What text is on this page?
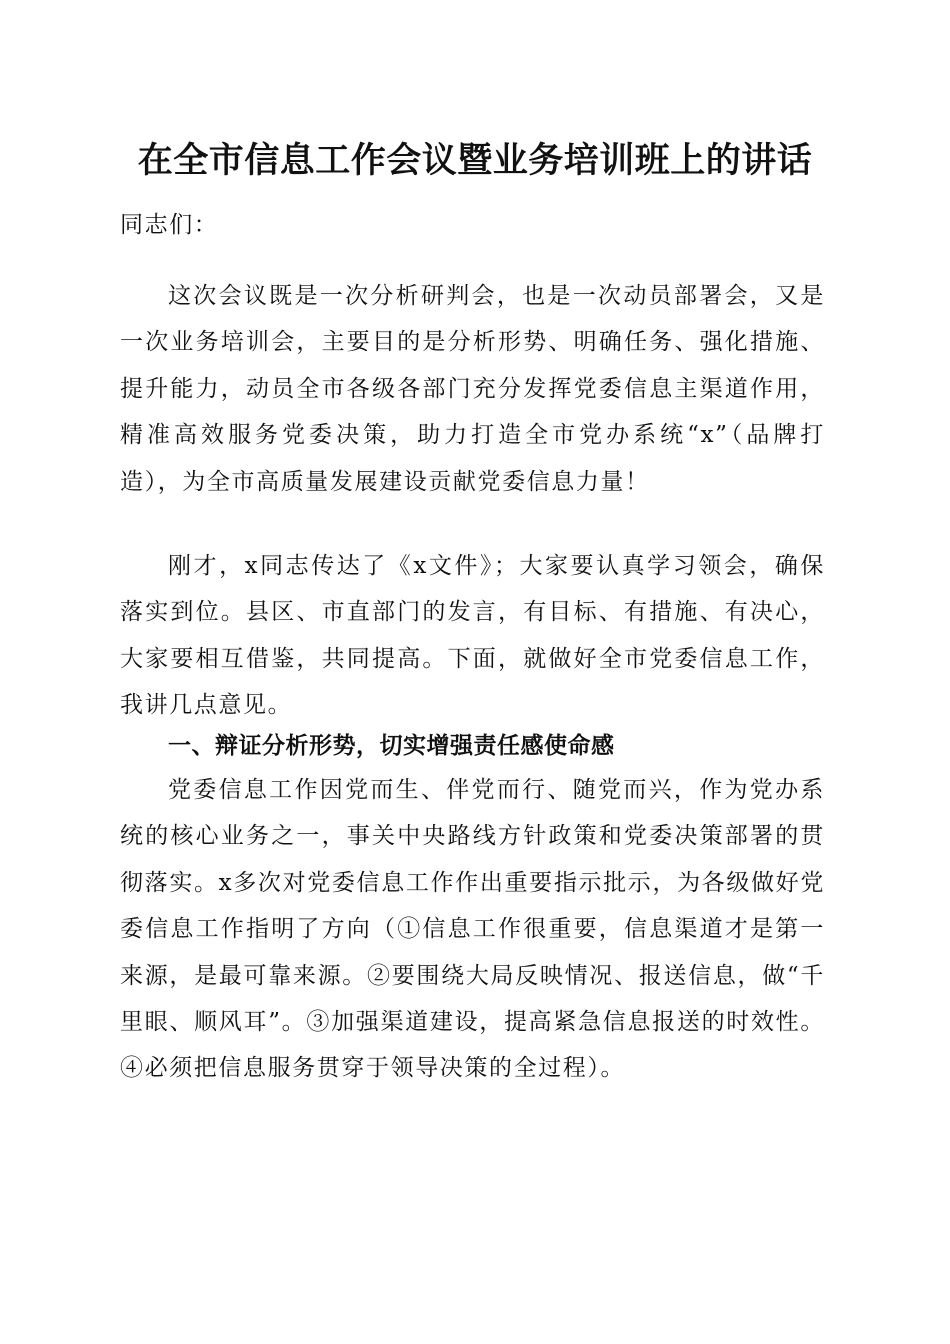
在全市信息工作会议暨业务培训班上的讲话

同志们：

这次会议既是一次分析研判会，也是一次动员部署会，又是一次业务培训会，主要目的是分析形势、明确任务、强化措施、提升能力，动员全市各级各部门充分发挥党委信息主渠道作用，精准高效服务党委决策，助力打造全市党办系统“x”（品牌打造），为全市高质量发展建设贡献党委信息力量！

刚才，x同志传达了《x文件》；大家要认真学习领会，确保落实到位。县区、市直部门的发言，有目标、有措施、有决心，大家要相互借鉴，共同提高。下面，就做好全市党委信息工作，我讲几点意见。

一、辩证分析形势，切实增强责任感使命感

党委信息工作因党而生、伴党而行、随党而兴，作为党办系统的核心业务之一，事关中央路线方针政策和党委决策部署的贯彻落实。x多次对党委信息工作作出重要指示批示，为各级做好党委信息工作指明了方向（①信息工作很重要，信息渠道才是第一来源，是最可靠来源。②要围绕大局反映情况、报送信息，做“千里眼、顺风耳”。③加强渠道建设，提高紧急信息报送的时效性。④必须把信息服务贯穿于领导决策的全过程）。
